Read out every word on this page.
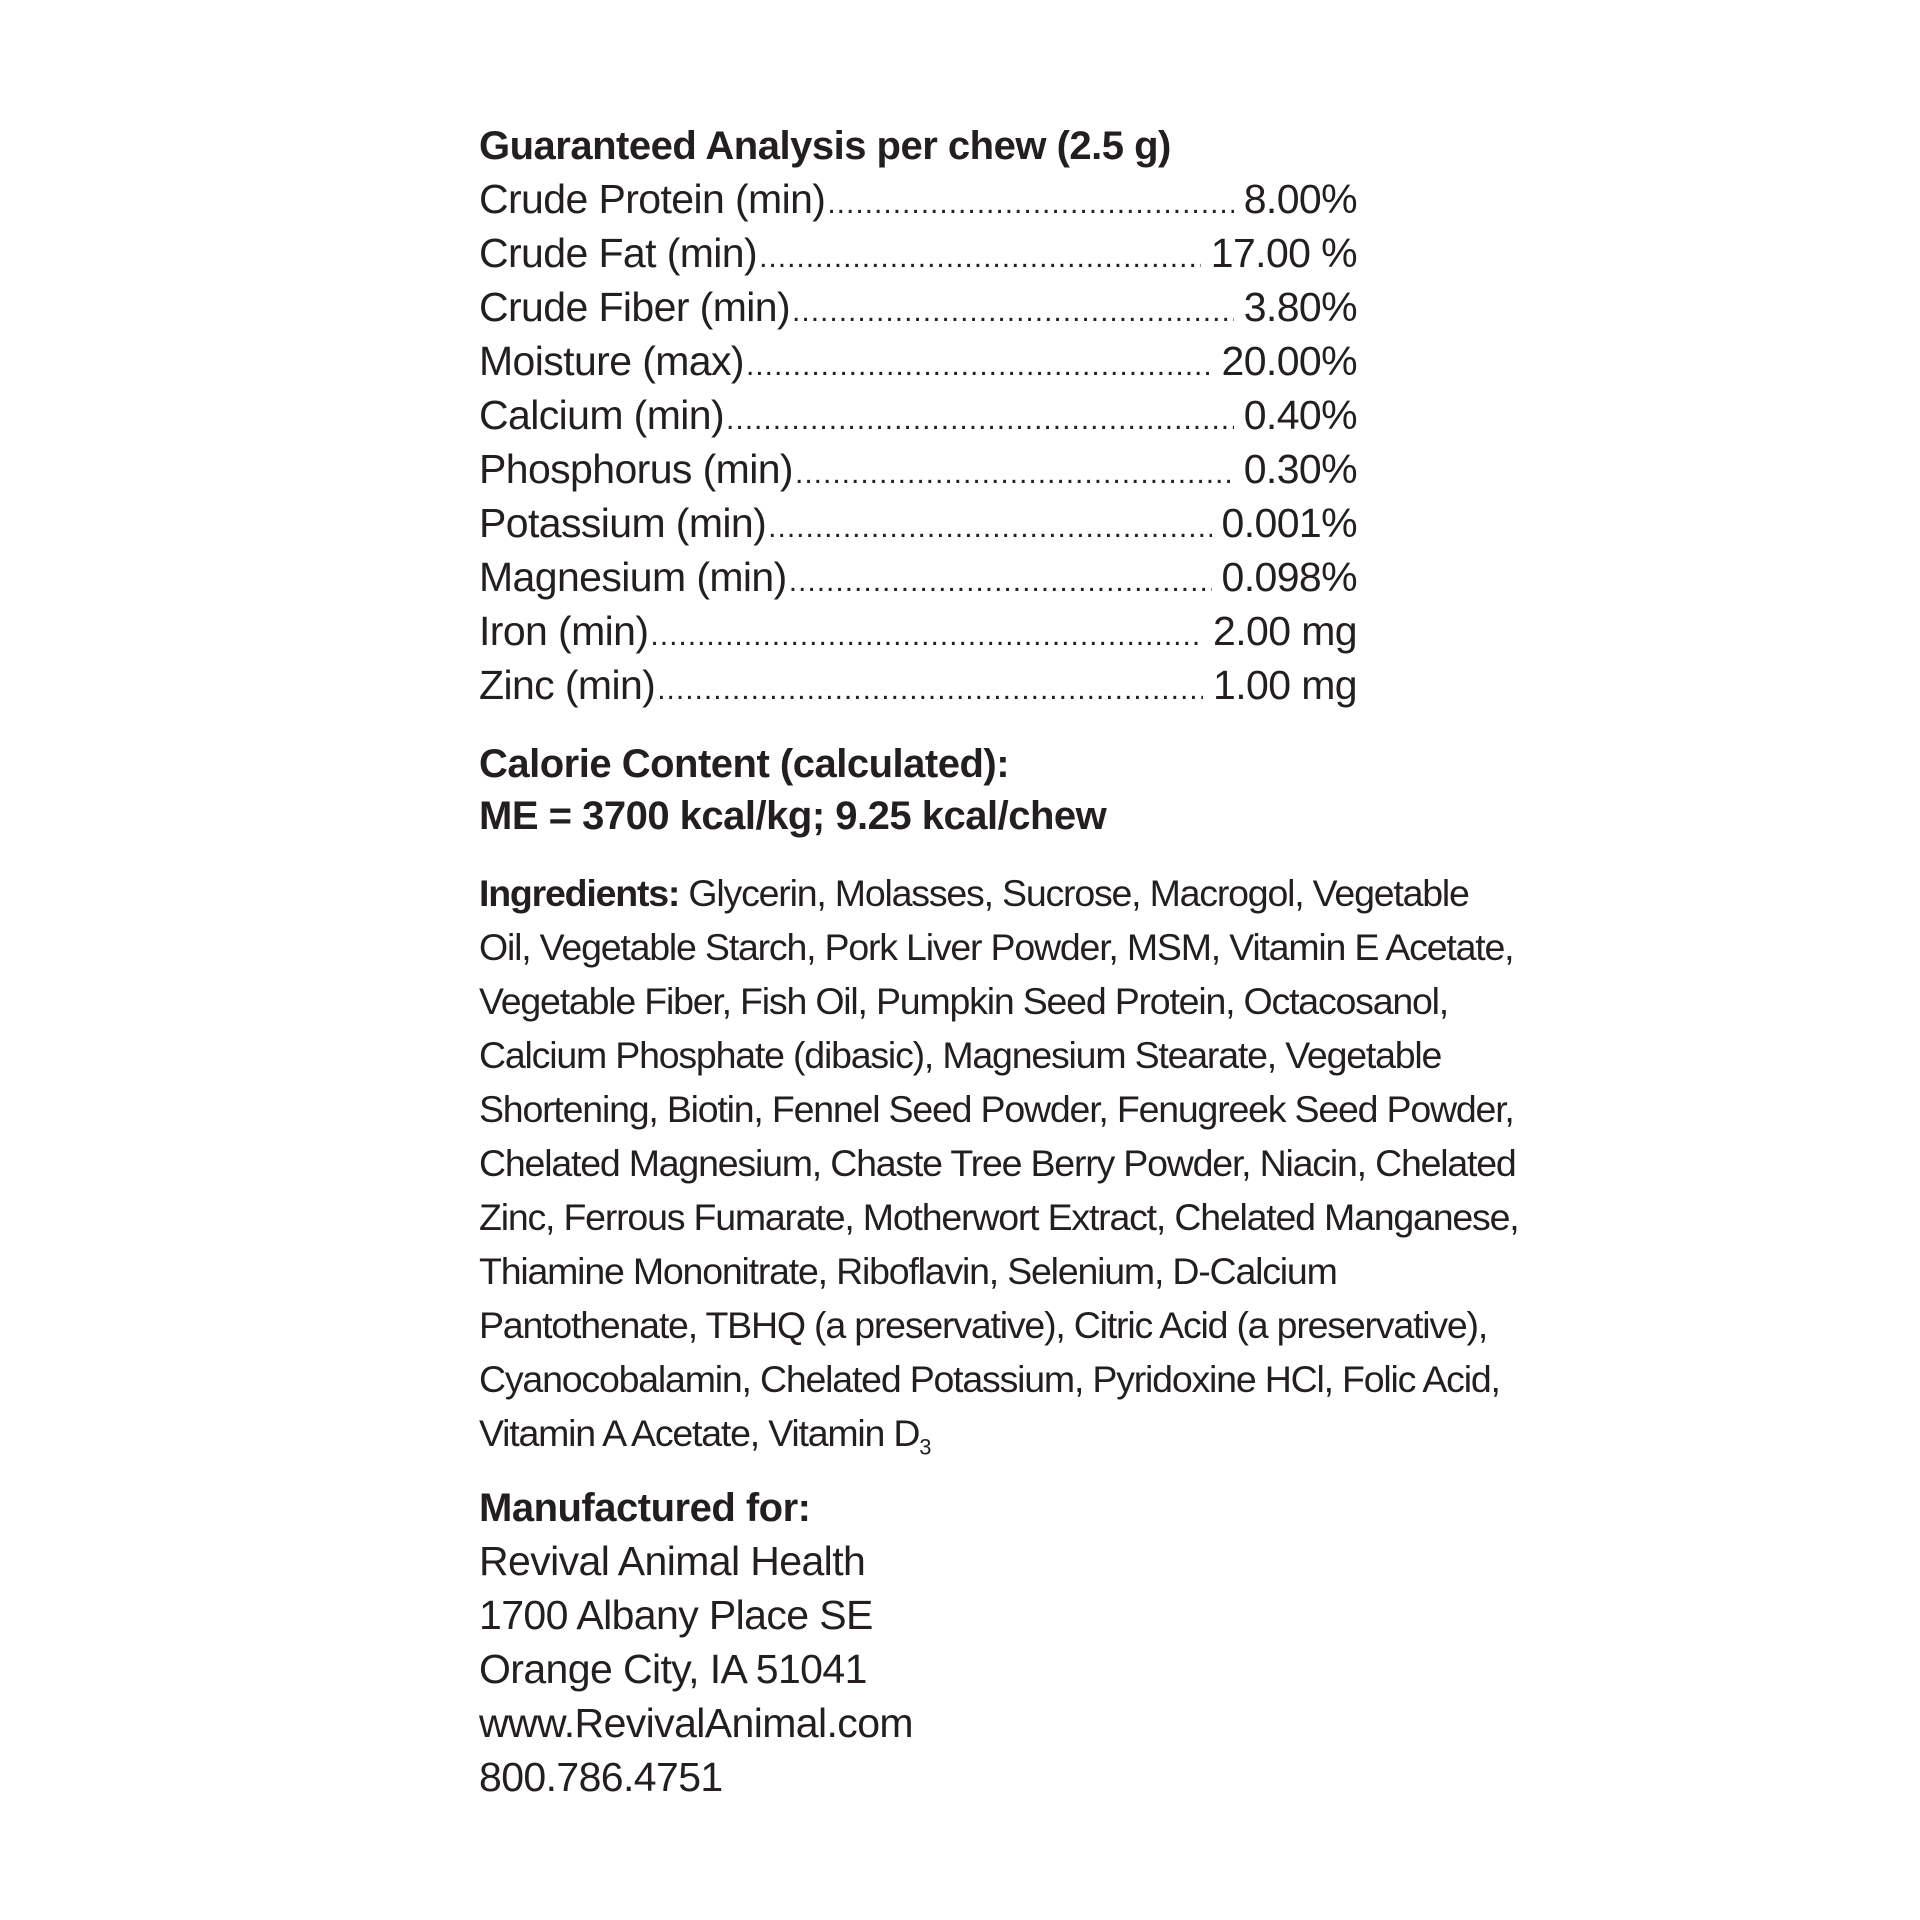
Guaranteed Analysis per chew (2.5 g)
Crude Protein (min) .....	8.00%
Crude Fat (min) .....	17.00 %
Crude Fiber (min) .....	3.80%
Moisture (max) .....	20.00%
Calcium (min) .....	0.40%
Phosphorus (min) .....	0.30%
Potassium (min) .....	0.001%
Magnesium (min) .....	0.098%
Iron (min) .....	2.00 mg
Zinc (min) .....	1.00 mg
Calorie Content (calculated):
ME = 3700 kcal/kg; 9.25 kcal/chew
Ingredients: Glycerin, Molasses, Sucrose, Macrogol, Vegetable Oil, Vegetable Starch, Pork Liver Powder, MSM, Vitamin E Acetate, Vegetable Fiber, Fish Oil, Pumpkin Seed Protein, Octacosanol, Calcium Phosphate (dibasic), Magnesium Stearate, Vegetable Shortening, Biotin, Fennel Seed Powder, Fenugreek Seed Powder, Chelated Magnesium, Chaste Tree Berry Powder, Niacin, Chelated Zinc, Ferrous Fumarate, Motherwort Extract, Chelated Manganese, Thiamine Mononitrate, Riboflavin, Selenium, D-Calcium Pantothenate, TBHQ (a preservative), Citric Acid (a preservative), Cyanocobalamin, Chelated Potassium, Pyridoxine HCl, Folic Acid, Vitamin A Acetate, Vitamin $D_3$
Manufactured for:
Revival Animal Health
1700 Albany Place SE
Orange City, IA 51041
www.RevivalAnimal.com
800.786.4751
